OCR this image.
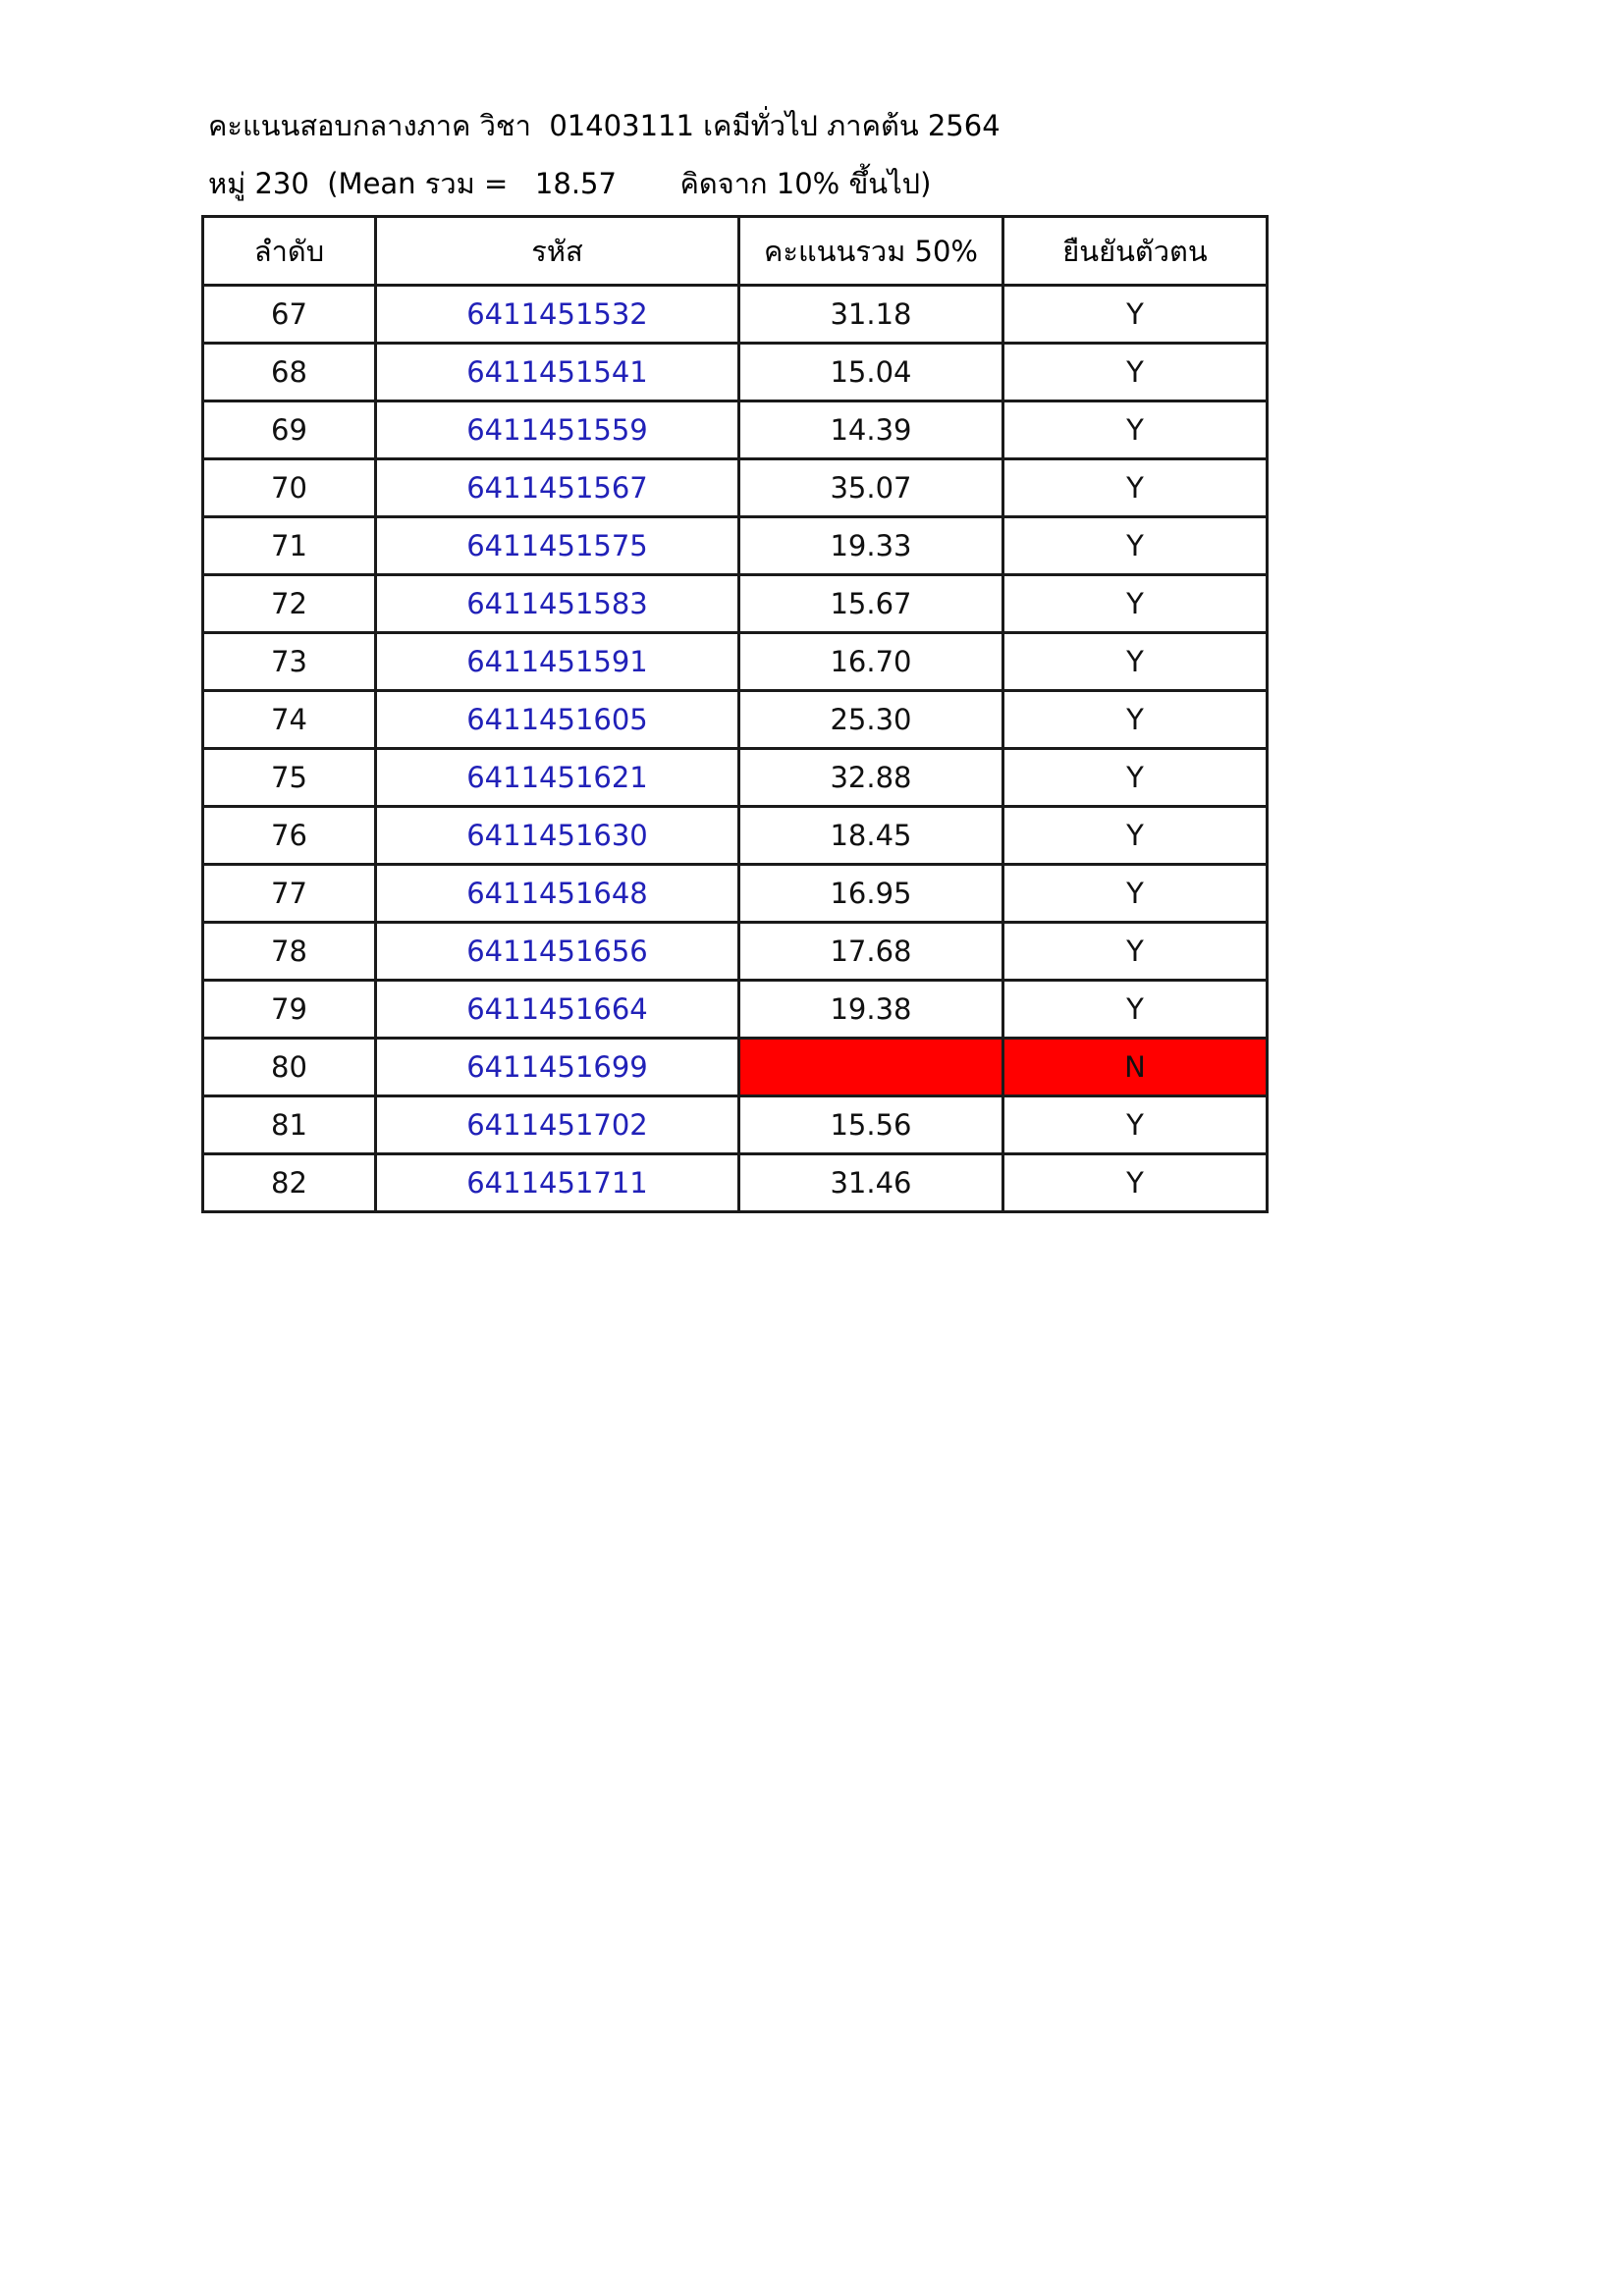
คะแนนสอบกลางภาค วิชา  01403111 เคมีทั่วไป ภาคต้น 2564
หมู่ 230  (Mean รวม =   18.57       คิดจาก 10% ขึ้นไป)
ลำดับ	รหัส	คะแนนรวม 50%	ยืนยันตัวตน
67	6411451532	31.18	Y
68	6411451541	15.04	Y
69	6411451559	14.39	Y
70	6411451567	35.07	Y
71	6411451575	19.33	Y
72	6411451583	15.67	Y
73	6411451591	16.70	Y
74	6411451605	25.30	Y
75	6411451621	32.88	Y
76	6411451630	18.45	Y
77	6411451648	16.95	Y
78	6411451656	17.68	Y
79	6411451664	19.38	Y
80	6411451699		N
81	6411451702	15.56	Y
82	6411451711	31.46	Y
